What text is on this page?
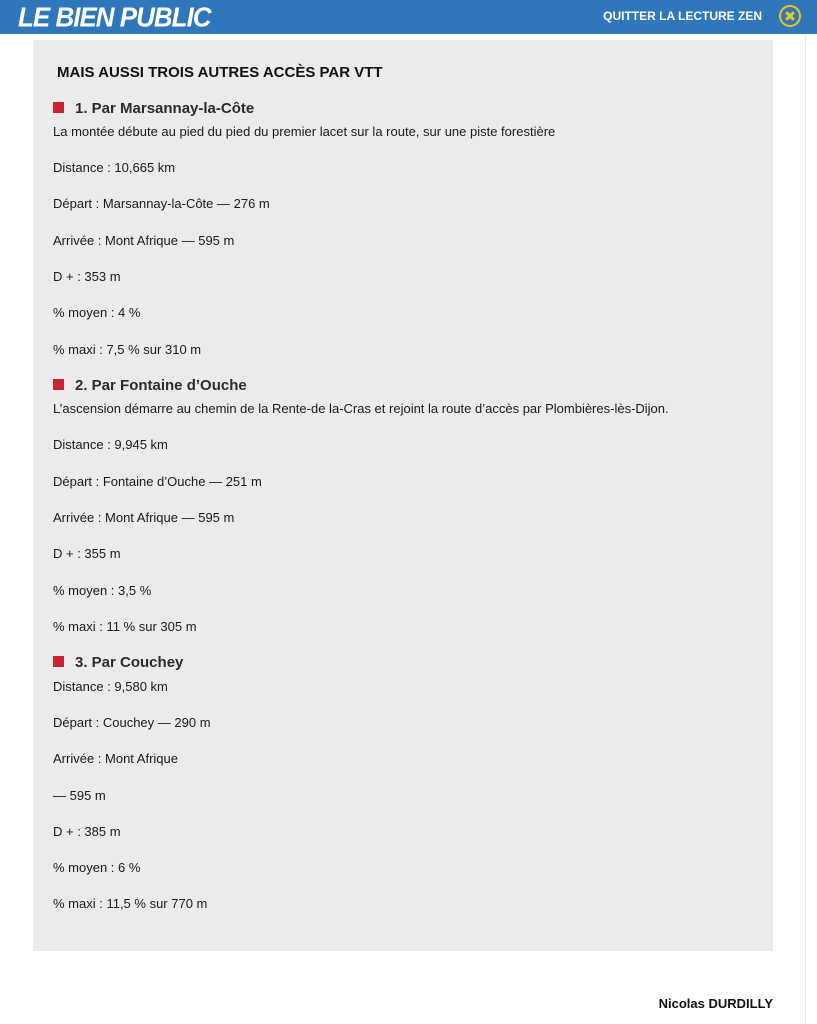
LE BIEN PUBLIC	QUITTER LA LECTURE ZEN
MAIS AUSSI TROIS AUTRES ACCÈS PAR VTT
1. Par Marsannay-la-Côte
La montée débute au pied du pied du premier lacet sur la route, sur une piste forestière
Distance : 10,665 km
Départ : Marsannay-la-Côte — 276 m
Arrivée : Mont Afrique — 595 m
D + : 353 m
% moyen : 4 %
% maxi : 7,5 % sur 310 m
2. Par Fontaine d’Ouche
L’ascension démarre au chemin de la Rente-de la-Cras et rejoint la route d’accès par Plombières-lès-Dijon.
Distance : 9,945 km
Départ : Fontaine d’Ouche — 251 m
Arrivée : Mont Afrique — 595 m
D + : 355 m
% moyen : 3,5 %
% maxi : 11 % sur 305 m
3. Par Couchey
Distance : 9,580 km
Départ : Couchey — 290 m
Arrivée : Mont Afrique
— 595 m
D + : 385 m
% moyen : 6 %
% maxi : 11,5 % sur 770 m
Nicolas DURDILLY
